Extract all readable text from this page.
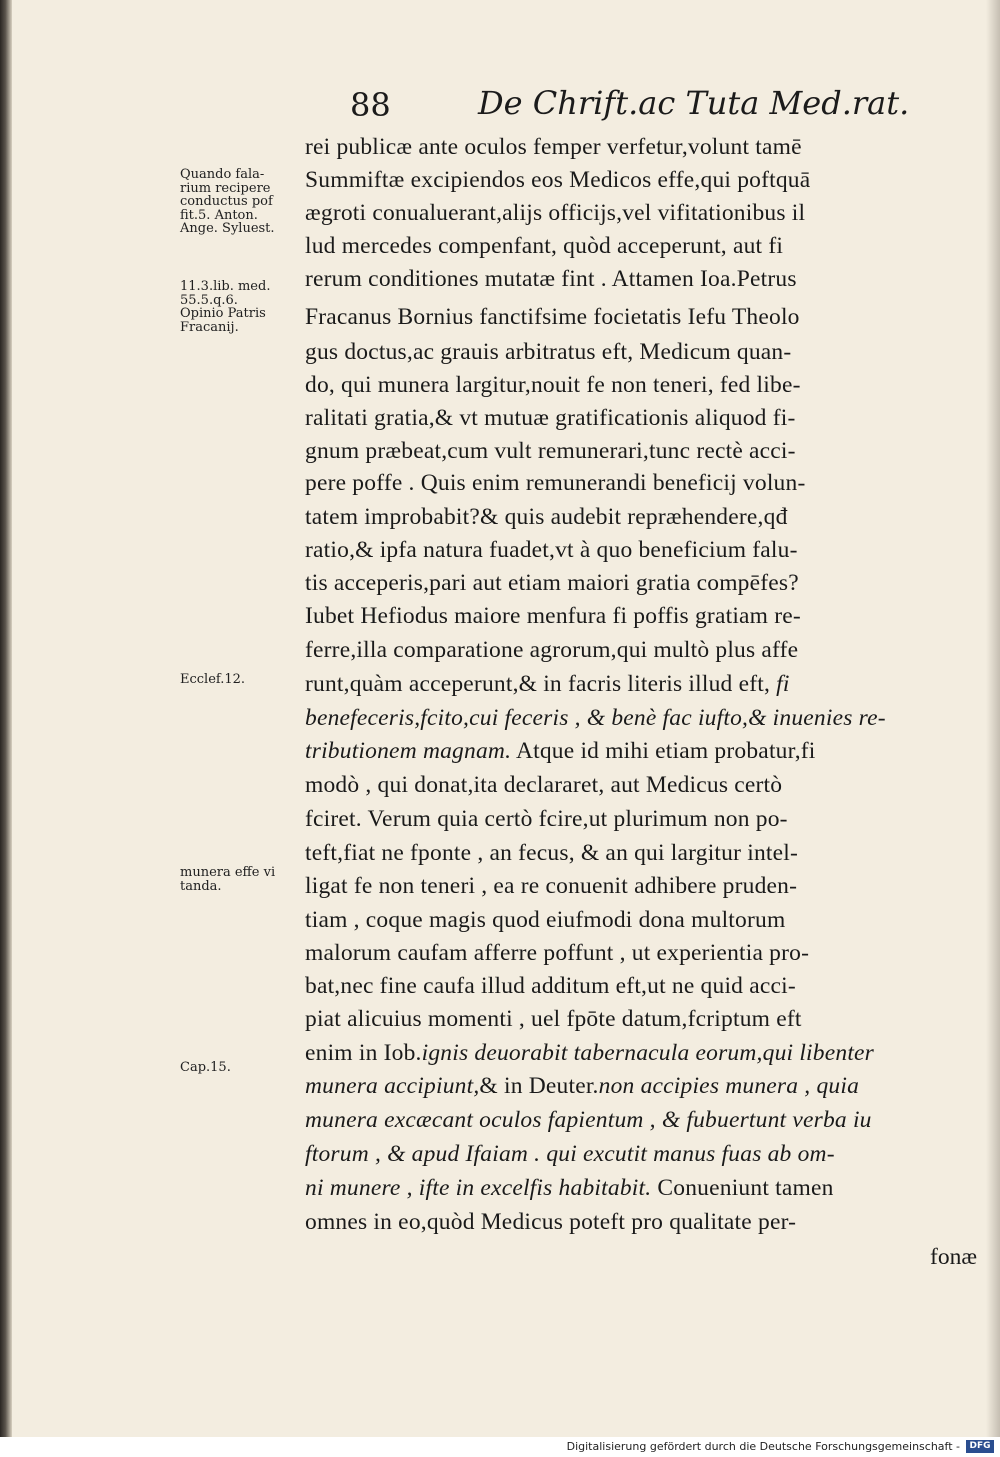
88	De Chrift.ac Tuta Med.rat.
Quando fala-
rium recipere
conductus pof
fit.5. Anton.
Ange. Syluest.
11.3.lib. med.
55.5.q.6.
Opinio Patris
Fracanij.
Ecclef.12.
munera effe vi
tanda.
Cap.15.
rei publicæ ante oculos femper verfetur,volunt tamē
Summiftæ excipiendos eos Medicos effe,qui poftquā
ægroti conualuerant,alijs officijs,vel vifitationibus il
lud mercedes compenfant, quòd acceperunt, aut fi
rerum conditiones mutatæ fint . Attamen Ioa.Petrus
Fracanus Bornius fanctifsime focietatis Iefu Theolo
gus doctus,ac grauis arbitratus eft, Medicum quan-
do, qui munera largitur,nouit fe non teneri, fed libe-
ralitati gratia,& vt mutuæ gratificationis aliquod fi-
gnum præbeat,cum vult remunerari,tunc rectè acci-
pere poffe . Quis enim remunerandi beneficij volun-
tatem improbabit?& quis audebit repræhendere,qđ
ratio,& ipfa natura fuadet,vt à quo beneficium falu-
tis acceperis,pari aut etiam maiori gratia compēfes?
Iubet Hefiodus maiore menfura fi poffis gratiam re-
ferre,illa comparatione agrorum,qui multò plus affe
runt,quàm acceperunt,& in facris literis illud eft, fi
benefeceris,fcito,cui feceris , & benè fac iufto,& inuenies re-
tributionem magnam. Atque id mihi etiam probatur,fi
modò , qui donat,ita declararet, aut Medicus certò
fciret. Verum quia certò fcire,ut plurimum non po-
teft,fiat ne fponte , an fecus, & an qui largitur intel-
ligat fe non teneri , ea re conuenit adhibere pruden-
tiam , coque magis quod eiufmodi dona multorum
malorum caufam afferre poffunt , ut experientia pro-
bat,nec fine caufa illud additum eft,ut ne quid acci-
piat alicuius momenti , uel fpōte datum,fcriptum eft
enim in Iob.ignis deuorabit tabernacula eorum,qui libenter
munera accipiunt,& in Deuter.non accipies munera , quia
munera excæcant oculos fapientum , & fubuertunt verba iu
ftorum , & apud Ifaiam . qui excutit manus fuas ab om-
ni munere , ifte in excelfis habitabit. Conueniunt tamen
omnes in eo,quòd Medicus poteft pro qualitate per-
fonæ
Digitalisierung gefördert durch die Deutsche Forschungsgemeinschaft -	DFG
